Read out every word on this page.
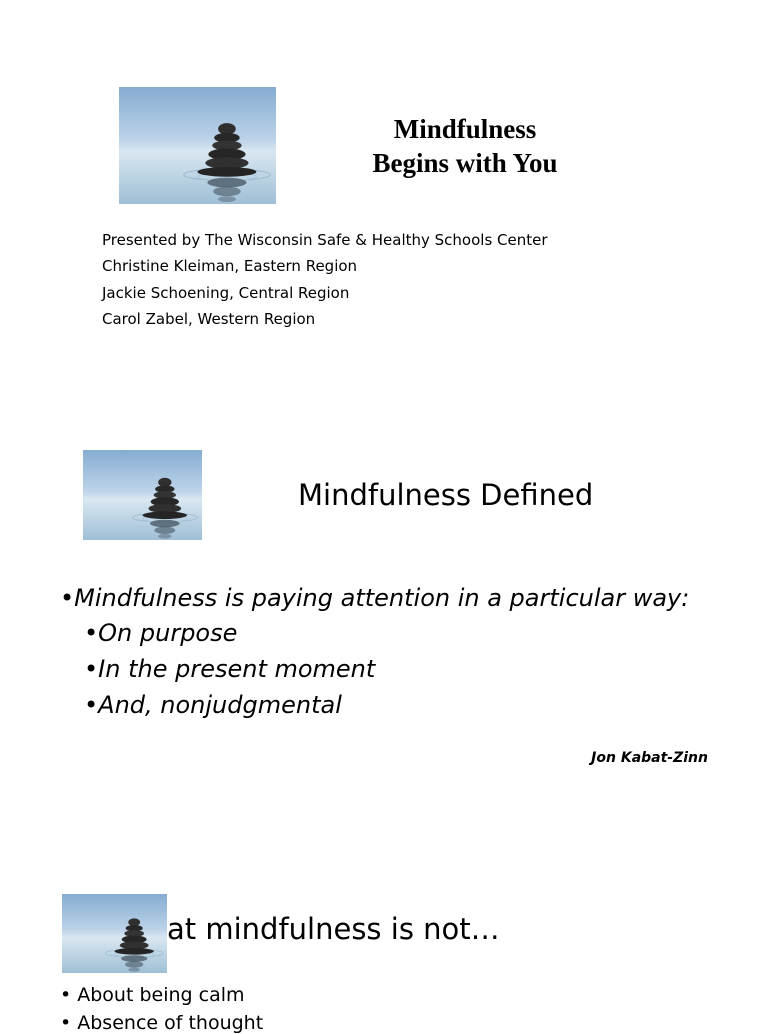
Mindfulness
Begins with You
Presented by The Wisconsin Safe & Healthy Schools Center
Christine Kleiman, Eastern Region
Jackie Schoening, Central Region
Carol Zabel, Western Region
Mindfulness Defined
•Mindfulness is paying attention in a particular way:
•On purpose
•In the present moment
•And, nonjudgmental
Jon Kabat-Zinn
at mindfulness is not…
• About being calm
• Absence of thought
